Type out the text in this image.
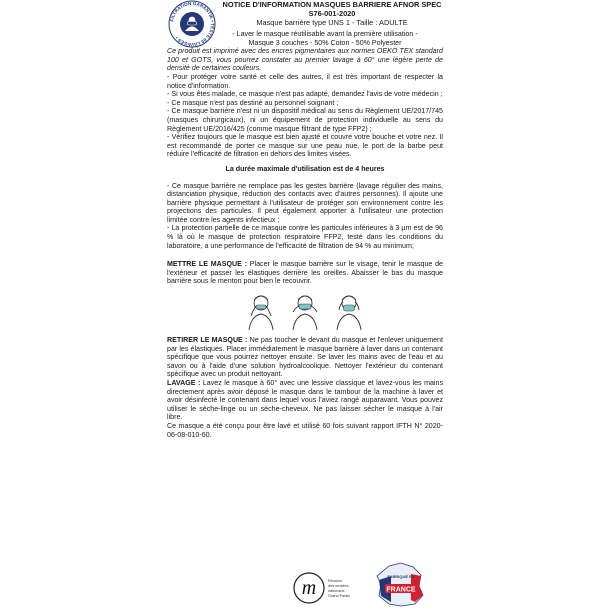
FILTRATION GARANTIE • TESTÉ 60 LAVAGES •
NOTICE D'INFORMATION MASQUES BARRIERE AFNOR SPEC
S76-001-2020
Masque barrière type UNS 1 - Taille : ADULTE

- Laver le masque réutilisable avant la première utilisation -

Masque 3 couches - 50% Coton - 50% Polyester

Ce produit est imprimé avec des encres pigmentaires aux normes OEKO TEX standard 100 et GOTS, vous pourrez constater au premier lavage à 60° une légère perte de densité de certaines couleurs.

- Pour protéger votre santé et celle des autres, il est très important de respecter la notice d'information.

- Si vous êtes malade, ce masque n'est pas adapté, demandez l'avis de votre médecin ;

- Ce masque n'est pas destiné au personnel soignant ;

- Ce masque barrière n'est ni un dispositif médical au sens du Règlement UE/2017/745 (masques chirurgicaux), ni un équipement de protection individuelle au sens du Règlement UE/2016/425 (comme masque filtrant de type FFP2) ;

- Vérifiez toujours que le masque est bien ajusté et couvre votre bouche et votre nez. Il est recommandé de porter ce masque sur une peau nue, le port de la barbe peut réduire l'efficacité de filtration en dehors des limites visées.

La durée maximale d'utilisation est de 4 heures

- Ce masque barrière ne remplace pas les gestes barrière (lavage régulier des mains, distanciation physique, réduction des contacts avec d'autres personnes). Il ajoute une barrière physique permettant à l'utilisateur de protéger son environnement contre les projections des particules. Il peut également apporter à l'utilisateur une protection limitée contre les agents infectieux ;

- La protection partielle de ce masque contre les particules inférieures à 3 µm est de 96 % là où le masque de protection respiratoire FFP2, testé dans les conditions du laboratoire, a une performance de l'efficacité de filtration de 94 % au minimum;

METTRE LE MASQUE : Placer le masque barrière sur le visage, tenir le masque de l'extérieur et passer les élastiques derrière les oreilles. Abaisser le bas du masque barrière sous le menton pour bien le recouvrir.

RETIRER LE MASQUE : Ne pas toucher le devant du masque et l'enlever uniquement par les élastiques. Placer immédiatement le masque barrière à laver dans un contenant spécifique que vous pourrez nettoyer ensuite. Se laver les mains avec de l'eau et au savon ou à l'aide d'une solution hydroalcoolique. Nettoyer l'extérieur du contenant spécifique avec un produit nettoyant.

LAVAGE : Lavez le masque à 60° avec une lessive classique et lavez-vous les mains directement après avoir déposé le masque dans le tambour de la machine à laver et avoir désinfecté le contenant dans lequel vous l'aviez rangé auparavant. Vous pouvez utiliser le sèche-linge ou un sèche-cheveux. Ne pas laisser sécher le masque à l'air libre.

Ce masque a été conçu pour être lavé et utilisé 60 fois suivant rapport IFTH N° 2020-06-08-010-60.

m	Réunion
des musées
nationaux
Grand Palais
FABRIQUÉ EN
FRANCE
